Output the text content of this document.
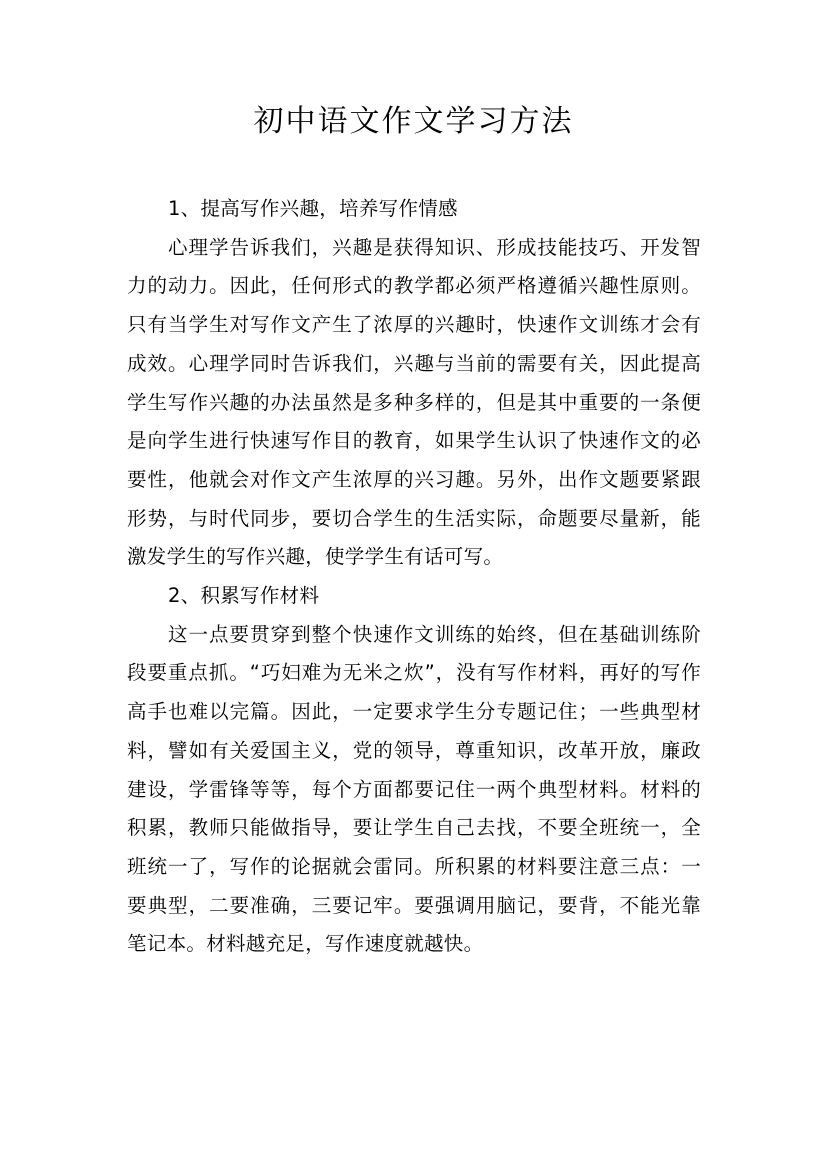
初中语文作文学习方法

1、提高写作兴趣，培养写作情感

心理学告诉我们，兴趣是获得知识、形成技能技巧、开发智力的动力。因此，任何形式的教学都必须严格遵循兴趣性原则。只有当学生对写作文产生了浓厚的兴趣时，快速作文训练才会有成效。心理学同时告诉我们，兴趣与当前的需要有关，因此提高学生写作兴趣的办法虽然是多种多样的，但是其中重要的一条便是向学生进行快速写作目的教育，如果学生认识了快速作文的必要性，他就会对作文产生浓厚的兴习趣。另外，出作文题要紧跟形势，与时代同步，要切合学生的生活实际，命题要尽量新，能激发学生的写作兴趣，使学学生有话可写。

2、积累写作材料

这一点要贯穿到整个快速作文训练的始终，但在基础训练阶段要重点抓。“巧妇难为无米之炊”，没有写作材料，再好的写作高手也难以完篇。因此，一定要求学生分专题记住；一些典型材料，譬如有关爱国主义，党的领导，尊重知识，改革开放，廉政建设，学雷锋等等，每个方面都要记住一两个典型材料。材料的积累，教师只能做指导，要让学生自己去找，不要全班统一，全班统一了，写作的论据就会雷同。所积累的材料要注意三点：一要典型，二要准确，三要记牢。要强调用脑记，要背，不能光靠笔记本。材料越充足，写作速度就越快。
